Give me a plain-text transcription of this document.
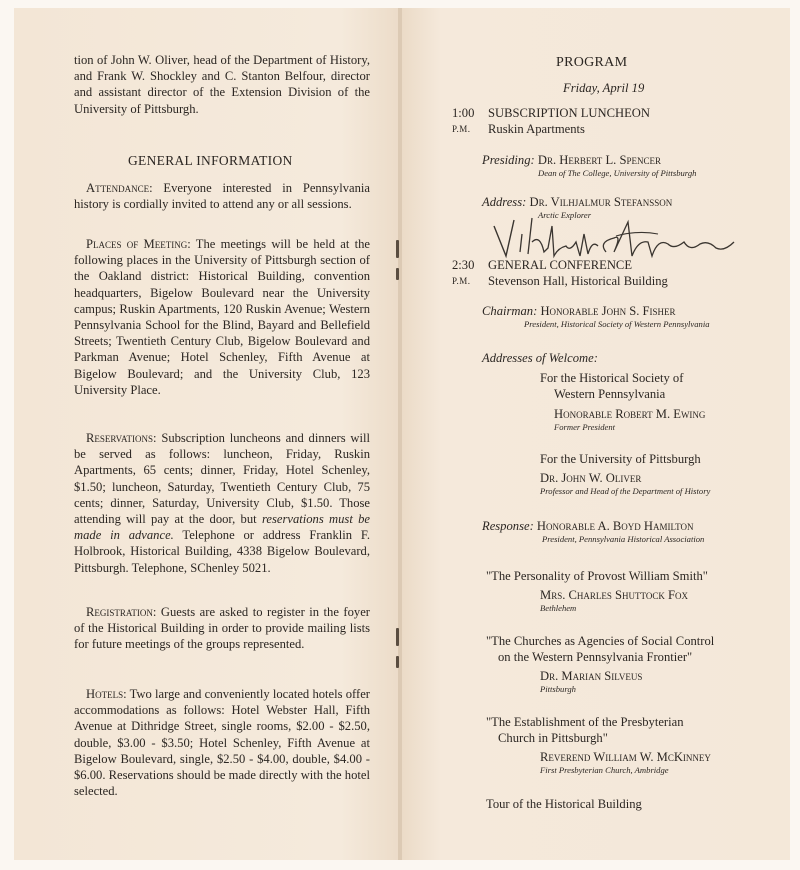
tion of John W. Oliver, head of the Department of History, and Frank W. Shockley and C. Stanton Belfour, director and assistant director of the Extension Division of the University of Pittsburgh.

GENERAL INFORMATION

Attendance: Everyone interested in Pennsylvania history is cordially invited to attend any or all sessions.

Places of Meeting: The meetings will be held at the following places in the University of Pittsburgh section of the Oakland district: Historical Building, convention headquarters, Bigelow Boulevard near the University campus; Ruskin Apartments, 120 Ruskin Avenue; Western Pennsylvania School for the Blind, Bayard and Bellefield Streets; Twentieth Century Club, Bigelow Boulevard and Parkman Avenue; Hotel Schenley, Fifth Avenue at Bigelow Boulevard; and the University Club, 123 University Place.

Reservations: Subscription luncheons and dinners will be served as follows: luncheon, Friday, Ruskin Apartments, 65 cents; dinner, Friday, Hotel Schenley, $1.50; luncheon, Saturday, Twentieth Century Club, 75 cents; dinner, Saturday, University Club, $1.50. Those attending will pay at the door, but reservations must be made in advance. Telephone or address Franklin F. Holbrook, Historical Building, 4338 Bigelow Boulevard, Pittsburgh. Telephone, SChenley 5021.

Registration: Guests are asked to register in the foyer of the Historical Building in order to provide mailing lists for future meetings of the groups represented.

Hotels: Two large and conveniently located hotels offer accommodations as follows: Hotel Webster Hall, Fifth Avenue at Dithridge Street, single rooms, $2.00 - $2.50, double, $3.00 - $3.50; Hotel Schenley, Fifth Avenue at Bigelow Boulevard, single, $2.50 - $4.00, double, $4.00 - $6.00. Reservations should be made directly with the hotel selected.

PROGRAM
Friday, April 19
1:00
P.M.
SUBSCRIPTION LUNCHEON
Ruskin Apartments
Presiding: Dr. Herbert L. Spencer
Dean of The College, University of Pittsburgh
Address: Dr. Vilhjalmur Stefansson
Arctic Explorer
2:30
P.M.
GENERAL CONFERENCE
Stevenson Hall, Historical Building
Chairman: Honorable John S. Fisher
President, Historical Society of Western Pennsylvania
Addresses of Welcome:
For the Historical Society of
Western Pennsylvania
Honorable Robert M. Ewing
Former President
For the University of Pittsburgh
Dr. John W. Oliver
Professor and Head of the Department of History
Response: Honorable A. Boyd Hamilton
President, Pennsylvania Historical Association
"The Personality of Provost William Smith"
Mrs. Charles Shuttock Fox
Bethlehem
"The Churches as Agencies of Social Control
on the Western Pennsylvania Frontier"
Dr. Marian Silveus
Pittsburgh
"The Establishment of the Presbyterian
Church in Pittsburgh"
Reverend William W. McKinney
First Presbyterian Church, Ambridge
Tour of the Historical Building
